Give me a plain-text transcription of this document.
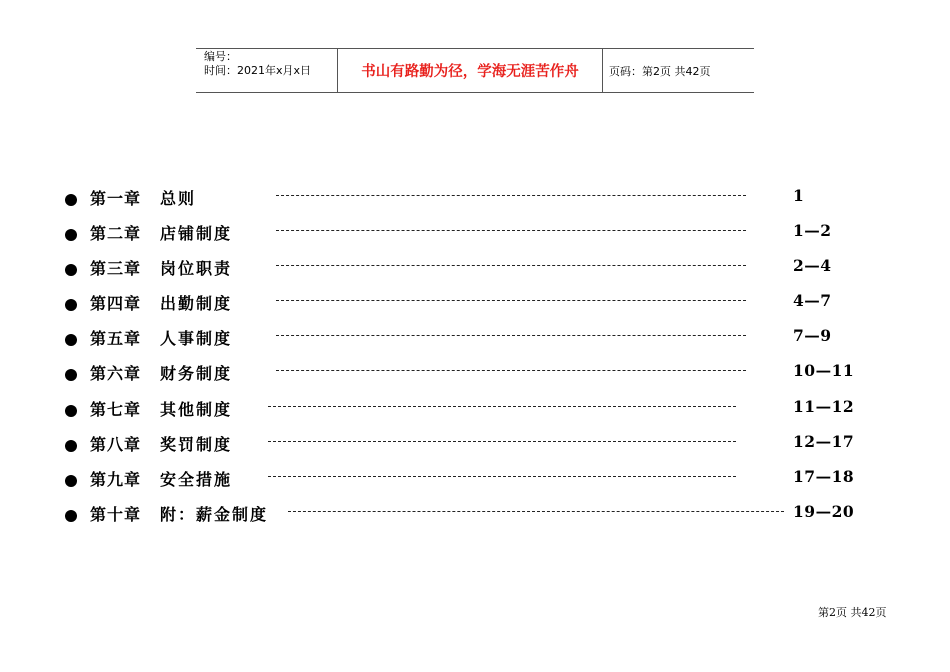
编号：
时间：2021年x月x日	书山有路勤为径，学海无涯苦作舟	页码：第2页 共42页
第一章 总则	1
第二章 店铺制度	1—2
第三章 岗位职责	2—4
第四章 出勤制度	4—7
第五章 人事制度	7—9
第六章 财务制度	10—11
第七章 其他制度	11—12
第八章 奖罚制度	12—17
第九章 安全措施	17—18
第十章 附：薪金制度	19—20
第2页 共42页
